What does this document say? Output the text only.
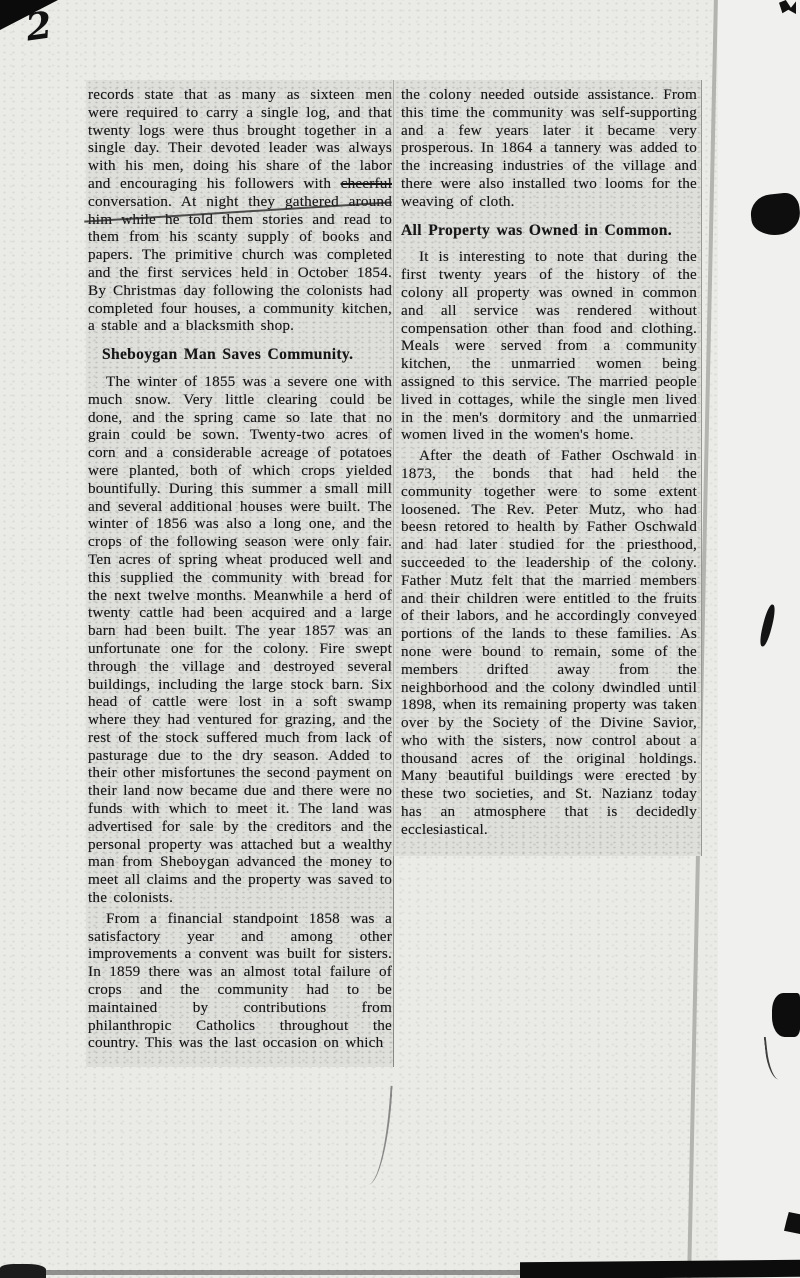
2

records state that as many as sixteen men were required to carry a single log, and that twenty logs were thus brought together in a single day. Their devoted leader was always with his men, doing his share of the labor and encouraging his followers with cheerful conversation. At night they gathered around him while he told them stories and read to them from his scanty supply of books and papers. The primitive church was completed and the first services held in October 1854. By Christmas day following the colonists had completed four houses, a community kitchen, a stable and a blacksmith shop.

Sheboygan Man Saves Community.

The winter of 1855 was a severe one with much snow. Very little clearing could be done, and the spring came so late that no grain could be sown. Twenty-two acres of corn and a considerable acreage of potatoes were planted, both of which crops yielded bountifully. During this summer a small mill and several additional houses were built. The winter of 1856 was also a long one, and the crops of the following season were only fair. Ten acres of spring wheat produced well and this supplied the community with bread for the next twelve months. Meanwhile a herd of twenty cattle had been acquired and a large barn had been built. The year 1857 was an unfortunate one for the colony. Fire swept through the village and destroyed several buildings, including the large stock barn. Six head of cattle were lost in a soft swamp where they had ventured for grazing, and the rest of the stock suffered much from lack of pasturage due to the dry season. Added to their other misfortunes the second payment on their land now became due and there were no funds with which to meet it. The land was advertised for sale by the creditors and the personal property was attached but a wealthy man from Sheboygan advanced the money to meet all claims and the property was saved to the colonists.

From a financial standpoint 1858 was a satisfactory year and among other improvements a convent was built for sisters. In 1859 there was an almost total failure of crops and the community had to be maintained by contributions from philanthropic Catholics throughout the country. This was the last occasion on which

the colony needed outside assistance. From this time the community was self-supporting and a few years later it became very prosperous. In 1864 a tannery was added to the increasing industries of the village and there were also installed two looms for the weaving of cloth.

All Property was Owned in Common.

It is interesting to note that during the first twenty years of the history of the colony all property was owned in common and all service was rendered without compensation other than food and clothing. Meals were served from a community kitchen, the unmarried women being assigned to this service. The married people lived in cottages, while the single men lived in the men's dormitory and the unmarried women lived in the women's home.

After the death of Father Oschwald in 1873, the bonds that had held the community together were to some extent loosened. The Rev. Peter Mutz, who had beesn retored to health by Father Oschwald and had later studied for the priesthood, succeeded to the leadership of the colony. Father Mutz felt that the married members and their children were entitled to the fruits of their labors, and he accordingly conveyed portions of the lands to these families. As none were bound to remain, some of the members drifted away from the neighborhood and the colony dwindled until 1898, when its remaining property was taken over by the Society of the Divine Savior, who with the sisters, now control about a thousand acres of the original holdings. Many beautiful buildings were erected by these two societies, and St. Nazianz today has an atmosphere that is decidedly ecclesiastical.
